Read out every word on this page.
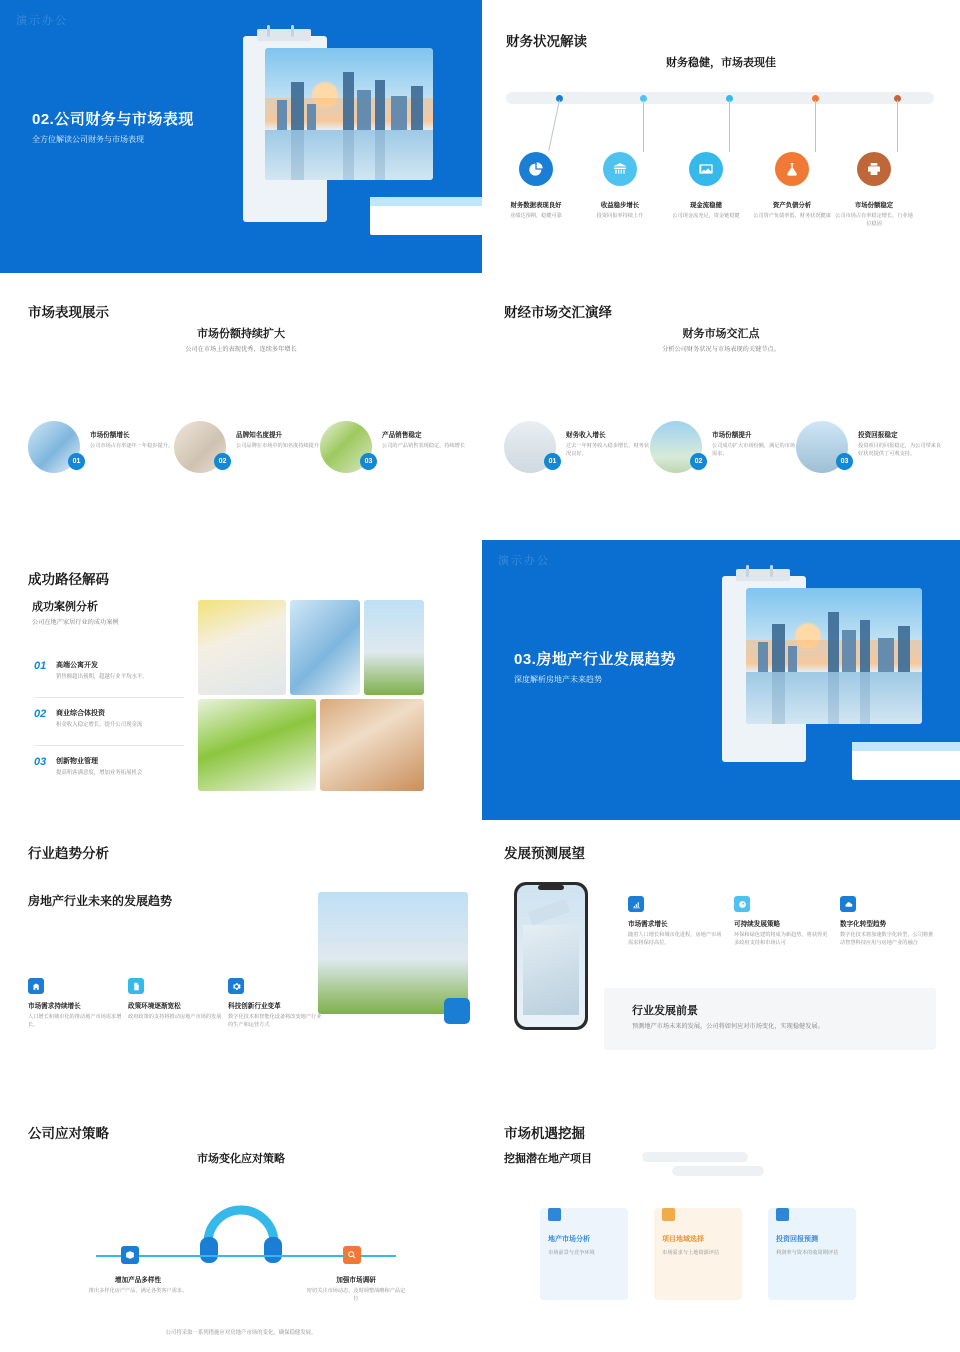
演示办公
02.公司财务与市场表现
全方位解读公司财务与市场表现
财务状况解读
财务稳健，市场表现佳
财务数据表现良好
业绩达预期，稳健可靠
收益稳步增长
投资回报率持续上升
现金流稳健
公司现金流充足，资金链稳健
资产负债分析
公司资产负债率低，财务状况健康
市场份额稳定
公司市场占有率稳定增长，行业地位稳固
市场表现展示
市场份额持续扩大
公司在市场上的表现优秀，连续多年增长
01
市场份额增长
公司市场占有率逐年一年稳步提升。
02
品牌知名度提升
公司品牌在市场中的知名度持续提升
03
产品销售稳定
公司的产品销售表现稳定，持续增长
财经市场交汇演绎
财务市场交汇点
分析公司财务状况与市场表现的关键节点。
01
财务收入增长
过去一年财务收入稳步增长，财务状况良好。
02
市场份额提升
公司成功扩大市场份额，满足的市场需求。
03
投资回报稳定
投资项目的回报稳定，为公司带来良好状况提供了可观支持。
成功路径解码
成功案例分析
公司在地产家居行业的成功案例
01 高端公寓开发
销售额超出预期，超越行业平均水平。
02 商业综合体投资
租金收入稳定增长，提升公司现金流
03 创新物业管理
提高租客满意度，增加业务拓展机会
演示办公
03.房地产行业发展趋势
深度解析房地产未来趋势
行业趋势分析
房地产行业未来的发展趋势
市场需求持续增长
人口增长和城市化的推动地产市场需求增长。
政策环境逐渐宽松
政府政策的支持将推动房地产市场的发展
科技创新行业变革
数字化技术和智能化设备将改变地产行业的生产和运营方式
发展预测展望
市场需求增长
随着人口增长和城市化进程，房地产市场需求将保持高位。
可持续发展策略
环保和绿色建筑将成为新趋势，将获得更多政府支持和市场认可
数字化转型趋势
数字化技术将加速数字化转型，公司将推动智慧科技应用与房地产业的融合
行业发展前景
预测地产市场未来的发展，公司将如何应对市场变化，实现稳健发展。
公司应对策略
市场变化应对策略
增加产品多样性
推出多样化房产产品，满足各类客户需求。
加强市场调研
密切关注市场动态，及时调整战略和产品定位
公司将采取一系列措施应对房地产市场的变化，确保稳健发展。
市场机遇挖掘
挖掘潜在地产项目
地产市场分析
市场前景与竞争环境
项目地域选择
市场需求与土地资源评估
投资回报预测
利润率与资本的收周期评估
